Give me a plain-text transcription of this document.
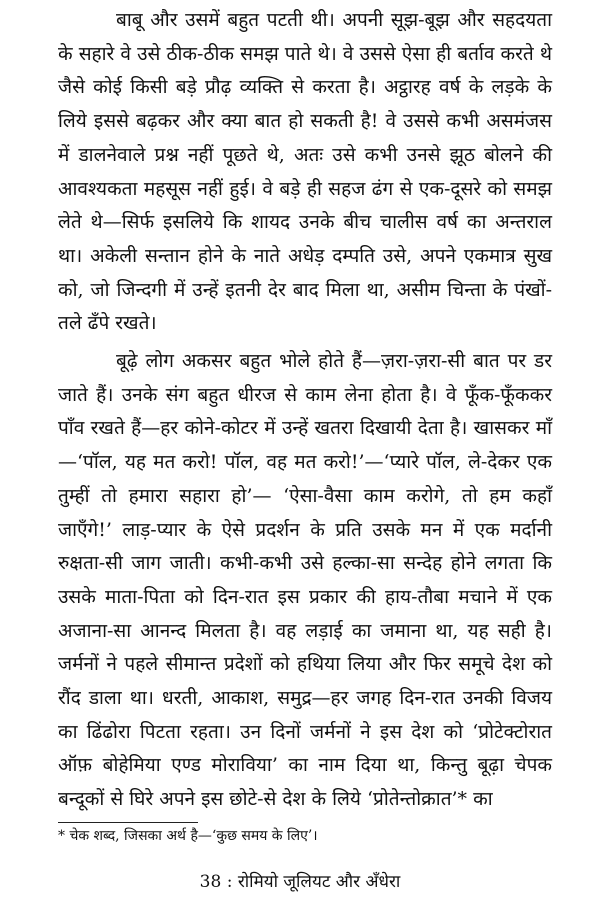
बाबू और उसमें बहुत पटती थी। अपनी सूझ-बूझ और सहदयता के सहारे वे उसे ठीक-ठीक समझ पाते थे। वे उससे ऐसा ही बर्ताव करते थे जैसे कोई किसी बड़े प्रौढ़ व्यक्ति से करता है। अट्ठारह वर्ष के लड़के के लिये इससे बढ़कर और क्या बात हो सकती है! वे उससे कभी असमंजस में डालनेवाले प्रश्न नहीं पूछते थे, अतः उसे कभी उनसे झूठ बोलने की आवश्यकता महसूस नहीं हुई। वे बड़े ही सहज ढंग से एक-दूसरे को समझ लेते थे—सिर्फ इसलिये कि शायद उनके बीच चालीस वर्ष का अन्तराल था। अकेली सन्तान होने के नाते अधेड़ दम्पति उसे, अपने एकमात्र सुख को, जो जिन्दगी में उन्हें इतनी देर बाद मिला था, असीम चिन्ता के पंखों-तले ढँपे रखते।

बूढ़े लोग अकसर बहुत भोले होते हैं—ज़रा-ज़रा-सी बात पर डर जाते हैं। उनके संग बहुत धीरज से काम लेना होता है। वे फूँक-फूँककर पाँव रखते हैं—हर कोने-कोटर में उन्हें खतरा दिखायी देता है। खासकर माँ—‘पॉल, यह मत करो! पॉल, वह मत करो!’—‘प्यारे पॉल, ले-देकर एक तुम्हीं तो हमारा सहारा हो’— ‘ऐसा-वैसा काम करोगे, तो हम कहाँ जाएँगे!’ लाड़-प्यार के ऐसे प्रदर्शन के प्रति उसके मन में एक मर्दानी रुक्षता-सी जाग जाती। कभी-कभी उसे हल्का-सा सन्देह होने लगता कि उसके माता-पिता को दिन-रात इस प्रकार की हाय-तौबा मचाने में एक अजाना-सा आनन्द मिलता है। वह लड़ाई का जमाना था, यह सही है। जर्मनों ने पहले सीमान्त प्रदेशों को हथिया लिया और फिर समूचे देश को रौंद डाला था। धरती, आकाश, समुद्र—हर जगह दिन-रात उनकी विजय का ढिंढोरा पिटता रहता। उन दिनों जर्मनों ने इस देश को ‘प्रोटेक्टोरात ऑफ़ बोहेमिया एण्ड मोराविया’ का नाम दिया था, किन्तु बूढ़ा चेपक बन्दूकों से घिरे अपने इस छोटे-से देश के लिये ‘प्रोतेन्तोक्रात’* का

* चेक शब्द, जिसका अर्थ है—‘कुछ समय के लिए’।
38 : रोमियो जूलियट और अँधेरा
